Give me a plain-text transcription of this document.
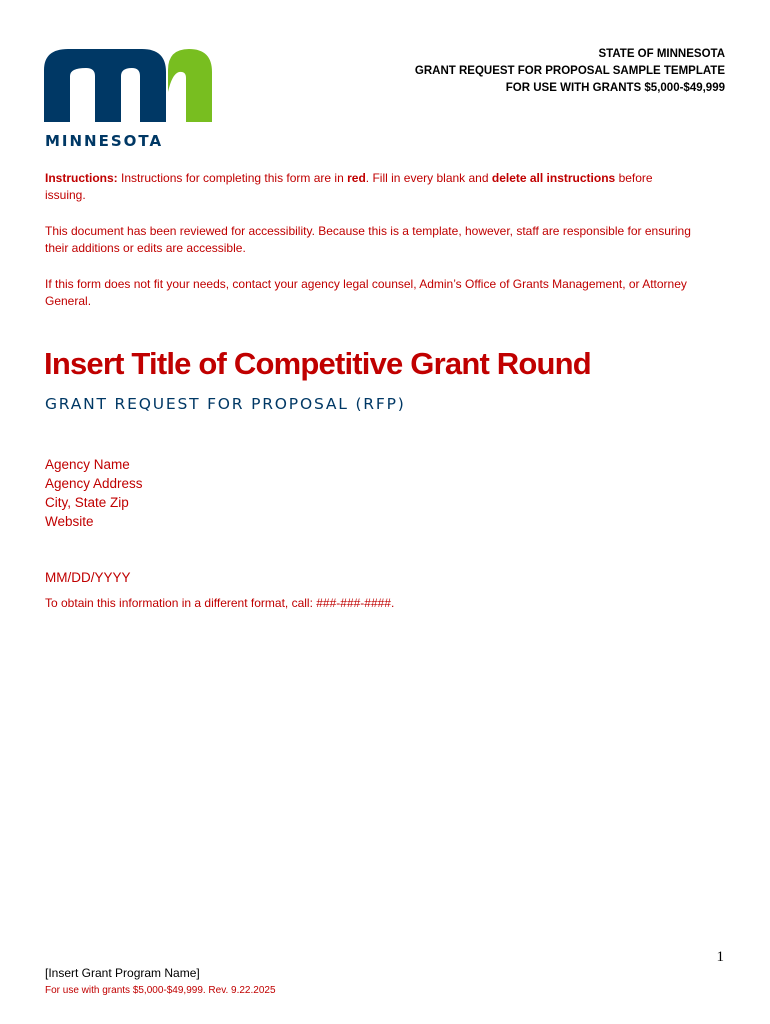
MINNESOTA
STATE OF MINNESOTA
GRANT REQUEST FOR PROPOSAL SAMPLE TEMPLATE
FOR USE WITH GRANTS $5,000-$49,999

Instructions: Instructions for completing this form are in red. Fill in every blank and delete all instructions before issuing.

This document has been reviewed for accessibility. Because this is a template, however, staff are responsible for ensuring their additions or edits are accessible.

If this form does not fit your needs, contact your agency legal counsel, Admin’s Office of Grants Management, or Attorney General.

Insert Title of Competitive Grant Round
GRANT REQUEST FOR PROPOSAL (RFP)
Agency Name
Agency Address
City, State Zip
Website
MM/DD/YYYY
To obtain this information in a different format, call: ###-###-####.
1
[Insert Grant Program Name]
For use with grants $5,000-$49,999. Rev. 9.22.2025
